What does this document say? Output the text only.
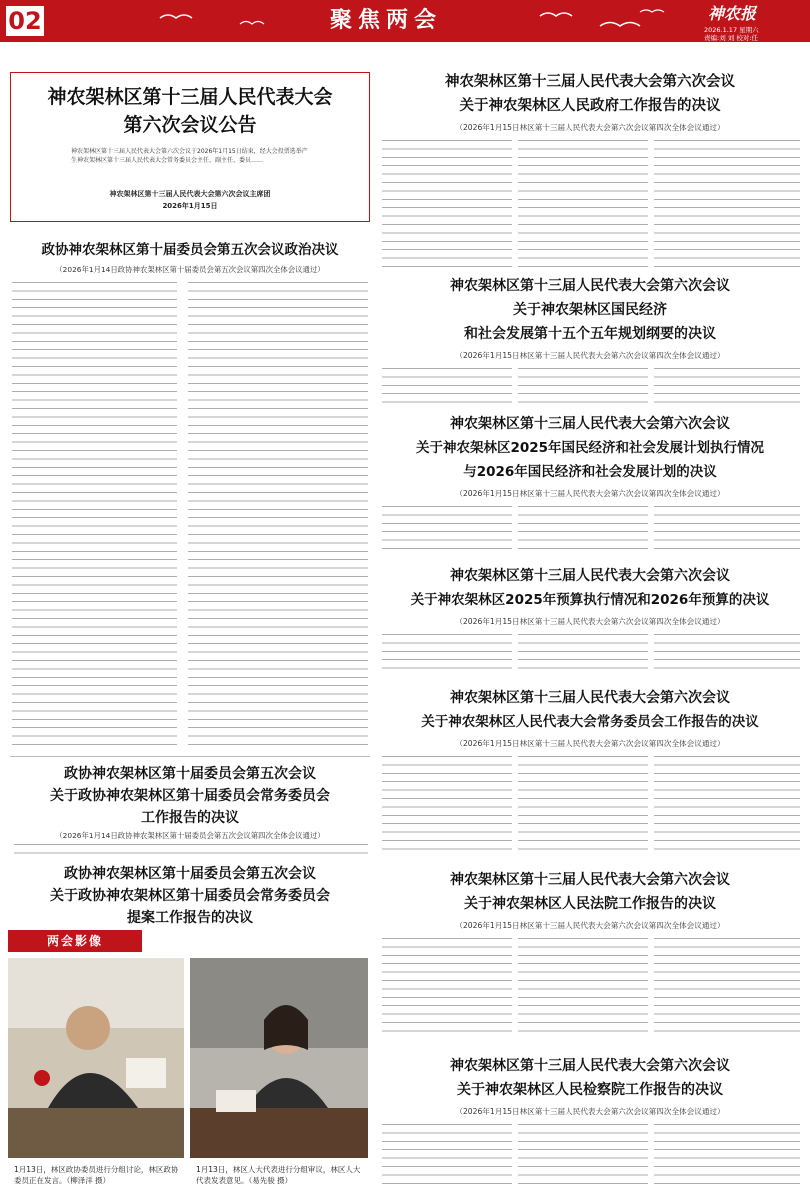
02	聚焦两会	神农报
2026.1.17 星期六
责编:刘 刘 校对:任
神农架林区第十三届人民代表大会
第六次会议公告
神农架林区第十三届人民代表大会第六次会议于2026年1月15日结束，经大会投票选举产生神农架林区第十三届人民代表大会常务委员会主任、副主任、委员……
神农架林区第十三届人民代表大会第六次会议主席团
2026年1月15日
政协神农架林区第十届委员会第五次会议政治决议
（2026年1月14日政协神农架林区第十届委员会第五次会议第四次全体会议通过）
政协神农架林区第十届委员会第五次会议
关于政协神农架林区第十届委员会常务委员会
工作报告的决议
（2026年1月14日政协神农架林区第十届委员会第五次会议第四次全体会议通过）
政协神农架林区第十届委员会第五次会议
关于政协神农架林区第十届委员会常务委员会
提案工作报告的决议
两会影像
1月13日，林区政协委员进行分组讨论，林区政协委员正在发言。（柳泽洋 摄）
1月13日，林区人大代表进行分组审议，林区人大代表发表意见。（易先骏 摄）
神农架林区第十三届人民代表大会第六次会议
关于神农架林区人民政府工作报告的决议
（2026年1月15日林区第十三届人民代表大会第六次会议第四次全体会议通过）
神农架林区第十三届人民代表大会第六次会议
关于神农架林区国民经济
和社会发展第十五个五年规划纲要的决议
（2026年1月15日林区第十三届人民代表大会第六次会议第四次全体会议通过）
神农架林区第十三届人民代表大会第六次会议
关于神农架林区2025年国民经济和社会发展计划执行情况
与2026年国民经济和社会发展计划的决议
（2026年1月15日林区第十三届人民代表大会第六次会议第四次全体会议通过）
神农架林区第十三届人民代表大会第六次会议
关于神农架林区2025年预算执行情况和2026年预算的决议
（2026年1月15日林区第十三届人民代表大会第六次会议第四次全体会议通过）
神农架林区第十三届人民代表大会第六次会议
关于神农架林区人民代表大会常务委员会工作报告的决议
（2026年1月15日林区第十三届人民代表大会第六次会议第四次全体会议通过）
神农架林区第十三届人民代表大会第六次会议
关于神农架林区人民法院工作报告的决议
（2026年1月15日林区第十三届人民代表大会第六次会议第四次全体会议通过）
神农架林区第十三届人民代表大会第六次会议
关于神农架林区人民检察院工作报告的决议
（2026年1月15日林区第十三届人民代表大会第六次会议第四次全体会议通过）
